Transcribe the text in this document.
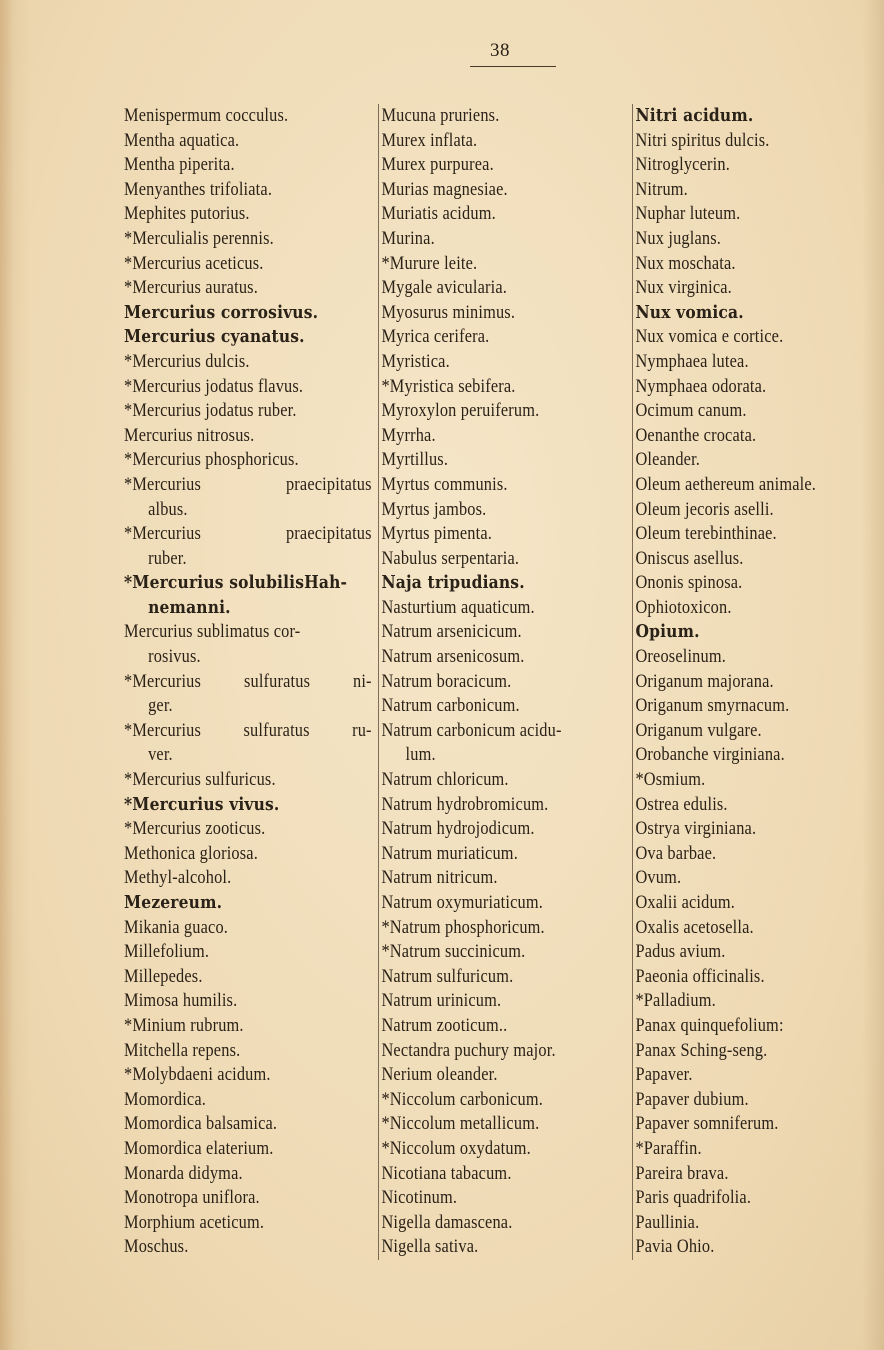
38
Menispermum cocculus.
Mentha aquatica.
Mentha piperita.
Menyanthes trifoliata.
Mephites putorius.
*Merculialis perennis.
*Mercurius aceticus.
*Mercurius auratus.
Mercurius corrosivus.
Mercurius cyanatus.
*Mercurius dulcis.
*Mercurius jodatus flavus.
*Mercurius jodatus ruber.
Mercurius nitrosus.
*Mercurius phosphoricus.
*Mercurius praecipitatus
albus.
*Mercurius praecipitatus
ruber.
*Mercurius solubilisHah-
nemanni.
Mercurius sublimatus cor-
rosivus.
*Mercurius sulfuratus ni-
ger.
*Mercurius sulfuratus ru-
ver.
*Mercurius sulfuricus.
*Mercurius vivus.
*Mercurius zooticus.
Methonica gloriosa.
Methyl-alcohol.
Mezereum.
Mikania guaco.
Millefolium.
Millepedes.
Mimosa humilis.
*Minium rubrum.
Mitchella repens.
*Molybdaeni acidum.
Momordica.
Momordica balsamica.
Momordica elaterium.
Monarda didyma.
Monotropa uniflora.
Morphium aceticum.
Moschus.
Mucuna pruriens.
Murex inflata.
Murex purpurea.
Murias magnesiae.
Muriatis acidum.
Murina.
*Murure leite.
Mygale avicularia.
Myosurus minimus.
Myrica cerifera.
Myristica.
*Myristica sebifera.
Myroxylon peruiferum.
Myrrha.
Myrtillus.
Myrtus communis.
Myrtus jambos.
Myrtus pimenta.
Nabulus serpentaria.
Naja tripudians.
Nasturtium aquaticum.
Natrum arsenicicum.
Natrum arsenicosum.
Natrum boracicum.
Natrum carbonicum.
Natrum carbonicum acidu-
lum.
Natrum chloricum.
Natrum hydrobromicum.
Natrum hydrojodicum.
Natrum muriaticum.
Natrum nitricum.
Natrum oxymuriaticum.
*Natrum phosphoricum.
*Natrum succinicum.
Natrum sulfuricum.
Natrum urinicum.
Natrum zooticum..
Nectandra puchury major.
Nerium oleander.
*Niccolum carbonicum.
*Niccolum metallicum.
*Niccolum oxydatum.
Nicotiana tabacum.
Nicotinum.
Nigella damascena.
Nigella sativa.
Nitri acidum.
Nitri spiritus dulcis.
Nitroglycerin.
Nitrum.
Nuphar luteum.
Nux juglans.
Nux moschata.
Nux virginica.
Nux vomica.
Nux vomica e cortice.
Nymphaea lutea.
Nymphaea odorata.
Ocimum canum.
Oenanthe crocata.
Oleander.
Oleum aethereum animale.
Oleum jecoris aselli.
Oleum terebinthinae.
Oniscus asellus.
Ononis spinosa.
Ophiotoxicon.
Opium.
Oreoselinum.
Origanum majorana.
Origanum smyrnacum.
Origanum vulgare.
Orobanche virginiana.
*Osmium.
Ostrea edulis.
Ostrya virginiana.
Ova barbae.
Ovum.
Oxalii acidum.
Oxalis acetosella.
Padus avium.
Paeonia officinalis.
*Palladium.
Panax quinquefolium:
Panax Sching-seng.
Papaver.
Papaver dubium.
Papaver somniferum.
*Paraffin.
Pareira brava.
Paris quadrifolia.
Paullinia.
Pavia Ohio.
